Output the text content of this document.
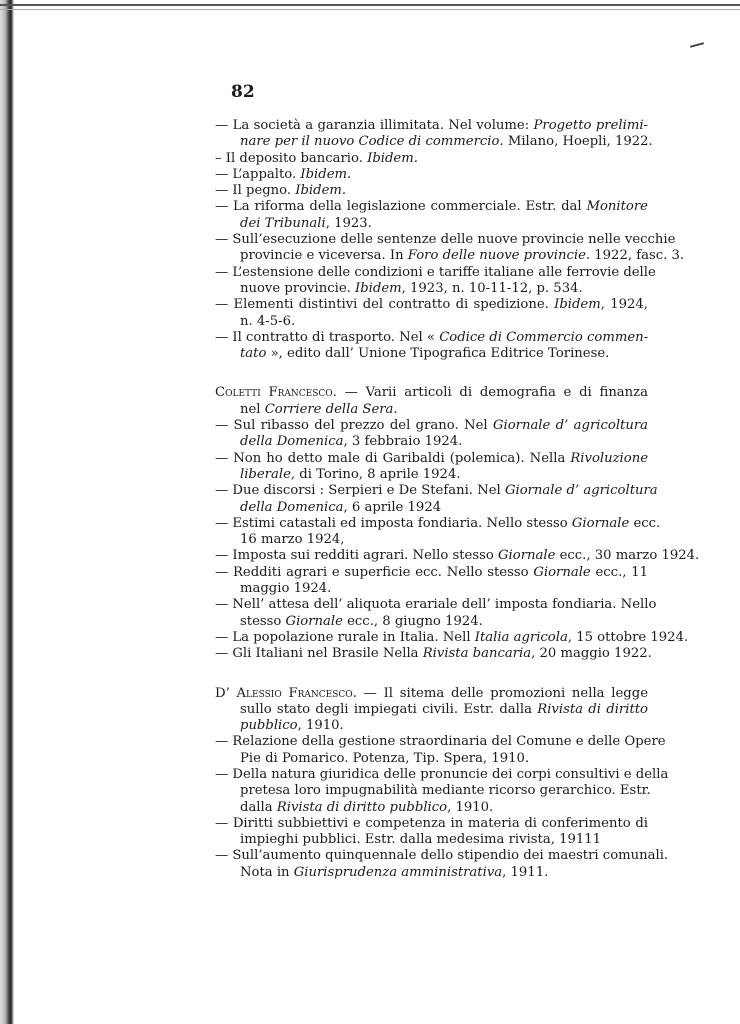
82
— La società a garanzia illimitata. Nel volume: Progetto prelimi-
nare per il nuovo Codice di commercio. Milano, Hoepli, 1922.
– Il deposito bancario. Ibidem.
— L’appalto. Ibidem.
— Il pegno. Ibidem.
— La riforma della legislazione commerciale. Estr. dal Monitore
dei Tribunali, 1923.
— Sull’esecuzione delle sentenze delle nuove provincie nelle vecchie
provincie e viceversa. In Foro delle nuove provincie. 1922, fasc. 3.
— L’estensione delle condizioni e tariffe italiane alle ferrovie delle
nuove provincie. Ibidem, 1923, n. 10-11-12, p. 534.
— Elementi distintivi del contratto di spedizione. Ibidem, 1924,
n. 4-5-6.
— Il contratto di trasporto. Nel « Codice di Commercio commen-
tato », edito dall’ Unione Tipografica Editrice Torinese.
Coletti Francesco. — Varii articoli di demografia e di finanza
nel Corriere della Sera.
— Sul ribasso del prezzo del grano. Nel Giornale d’ agricoltura
della Domenica, 3 febbraio 1924.
— Non ho detto male di Garibaldi (polemica). Nella Rivoluzione
liberale, di Torino, 8 aprile 1924.
— Due discorsi : Serpieri e De Stefani. Nel Giornale d’ agricoltura
della Domenica, 6 aprile 1924
— Estimi catastali ed imposta fondiaria. Nello stesso Giornale ecc.
16 marzo 1924,
— Imposta sui redditi agrari. Nello stesso Giornale ecc., 30 marzo 1924.
— Redditi agrari e superficie ecc. Nello stesso Giornale ecc., 11
maggio 1924.
— Nell’ attesa dell’ aliquota erariale dell’ imposta fondiaria. Nello
stesso Giornale ecc., 8 giugno 1924.
— La popolazione rurale in Italia. Nell Italia agricola, 15 ottobre 1924.
— Gli Italiani nel Brasile Nella Rivista bancaria, 20 maggio 1922.
D’ Alessio Francesco. — Il sitema delle promozioni nella legge
sullo stato degli impiegati civili. Estr. dalla Rivista di diritto
pubblico, 1910.
— Relazione della gestione straordinaria del Comune e delle Opere
Pie di Pomarico. Potenza, Tip. Spera, 1910.
— Della natura giuridica delle pronuncie dei corpi consultivi e della
pretesa loro impugnabilità mediante ricorso gerarchico. Estr.
dalla Rivista di diritto pubblico, 1910.
— Diritti subbiettivi e competenza in materia di conferimento di
impieghi pubblici. Estr. dalla medesima rivista, 19111
— Sull’aumento quinquennale dello stipendio dei maestri comunali.
Nota in Giurisprudenza amministrativa, 1911.
